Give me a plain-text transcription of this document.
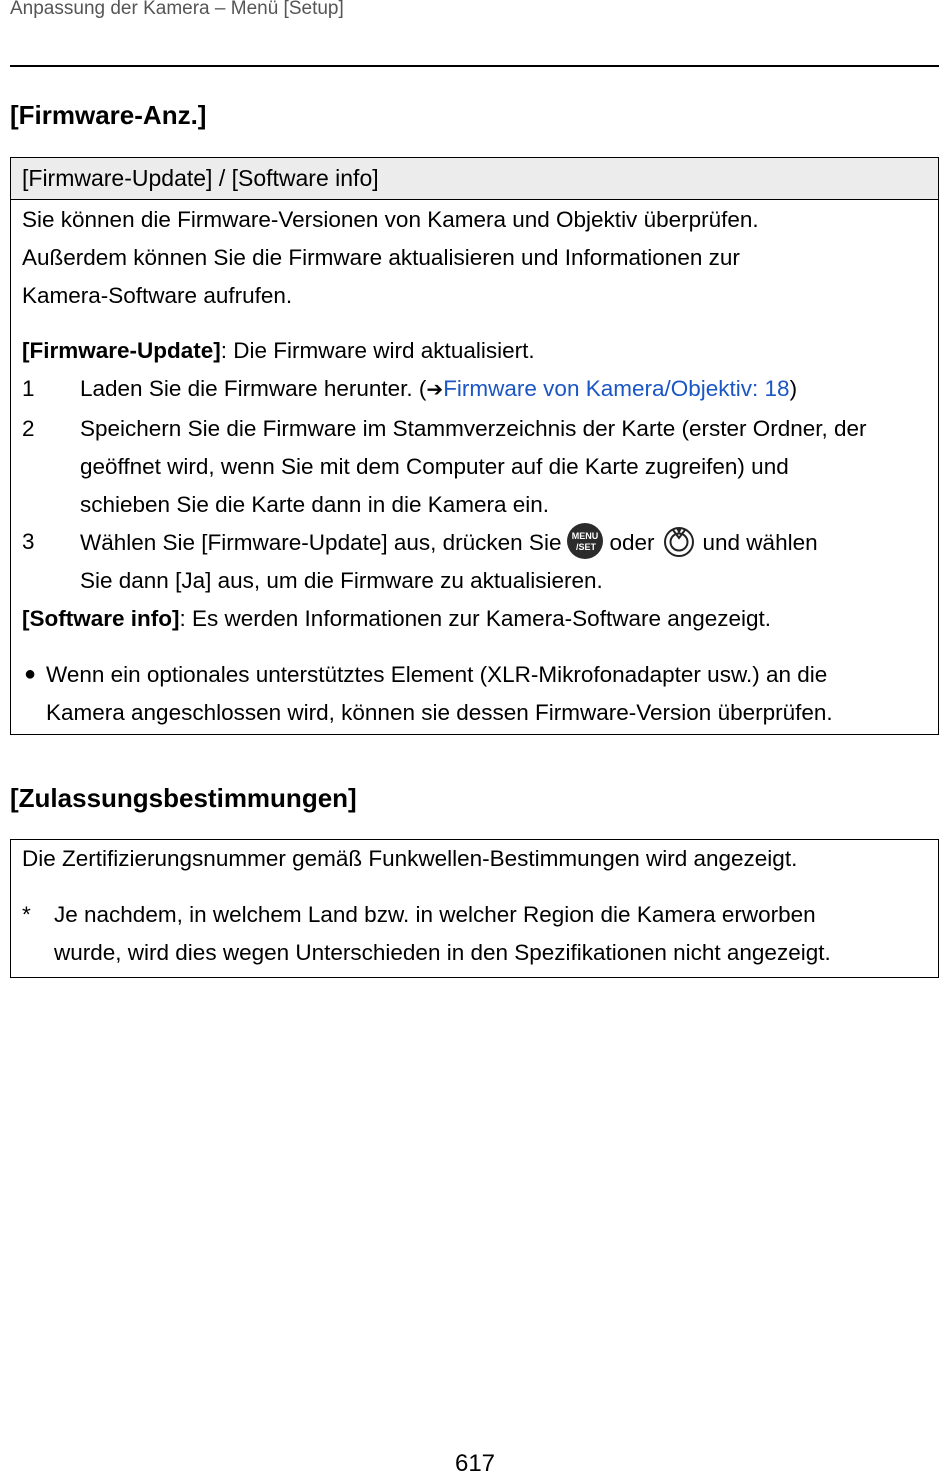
Anpassung der Kamera – Menü [Setup]
[Firmware-Anz.]
[Firmware-Update] / [Software info]
Sie können die Firmware-Versionen von Kamera und Objektiv überprüfen.
Außerdem können Sie die Firmware aktualisieren und Informationen zur
Kamera-Software aufrufen.
[Firmware-Update]: Die Firmware wird aktualisiert.
1	Laden Sie die Firmware herunter. (➔Firmware von Kamera/Objektiv: 18)
2	Speichern Sie die Firmware im Stammverzeichnis der Karte (erster Ordner, der
geöffnet wird, wenn Sie mit dem Computer auf die Karte zugreifen) und
schieben Sie die Karte dann in die Kamera ein.
3	Wählen Sie [Firmware-Update] aus, drücken Sie MENU
/SET oder und wählen
Sie dann [Ja] aus, um die Firmware zu aktualisieren.
[Software info]: Es werden Informationen zur Kamera-Software angezeigt.
● Wenn ein optionales unterstütztes Element (XLR-Mikrofonadapter usw.) an die
Kamera angeschlossen wird, können sie dessen Firmware-Version überprüfen.
[Zulassungsbestimmungen]
Die Zertifizierungsnummer gemäß Funkwellen-Bestimmungen wird angezeigt.
*	Je nachdem, in welchem Land bzw. in welcher Region die Kamera erworben
wurde, wird dies wegen Unterschieden in den Spezifikationen nicht angezeigt.
617
